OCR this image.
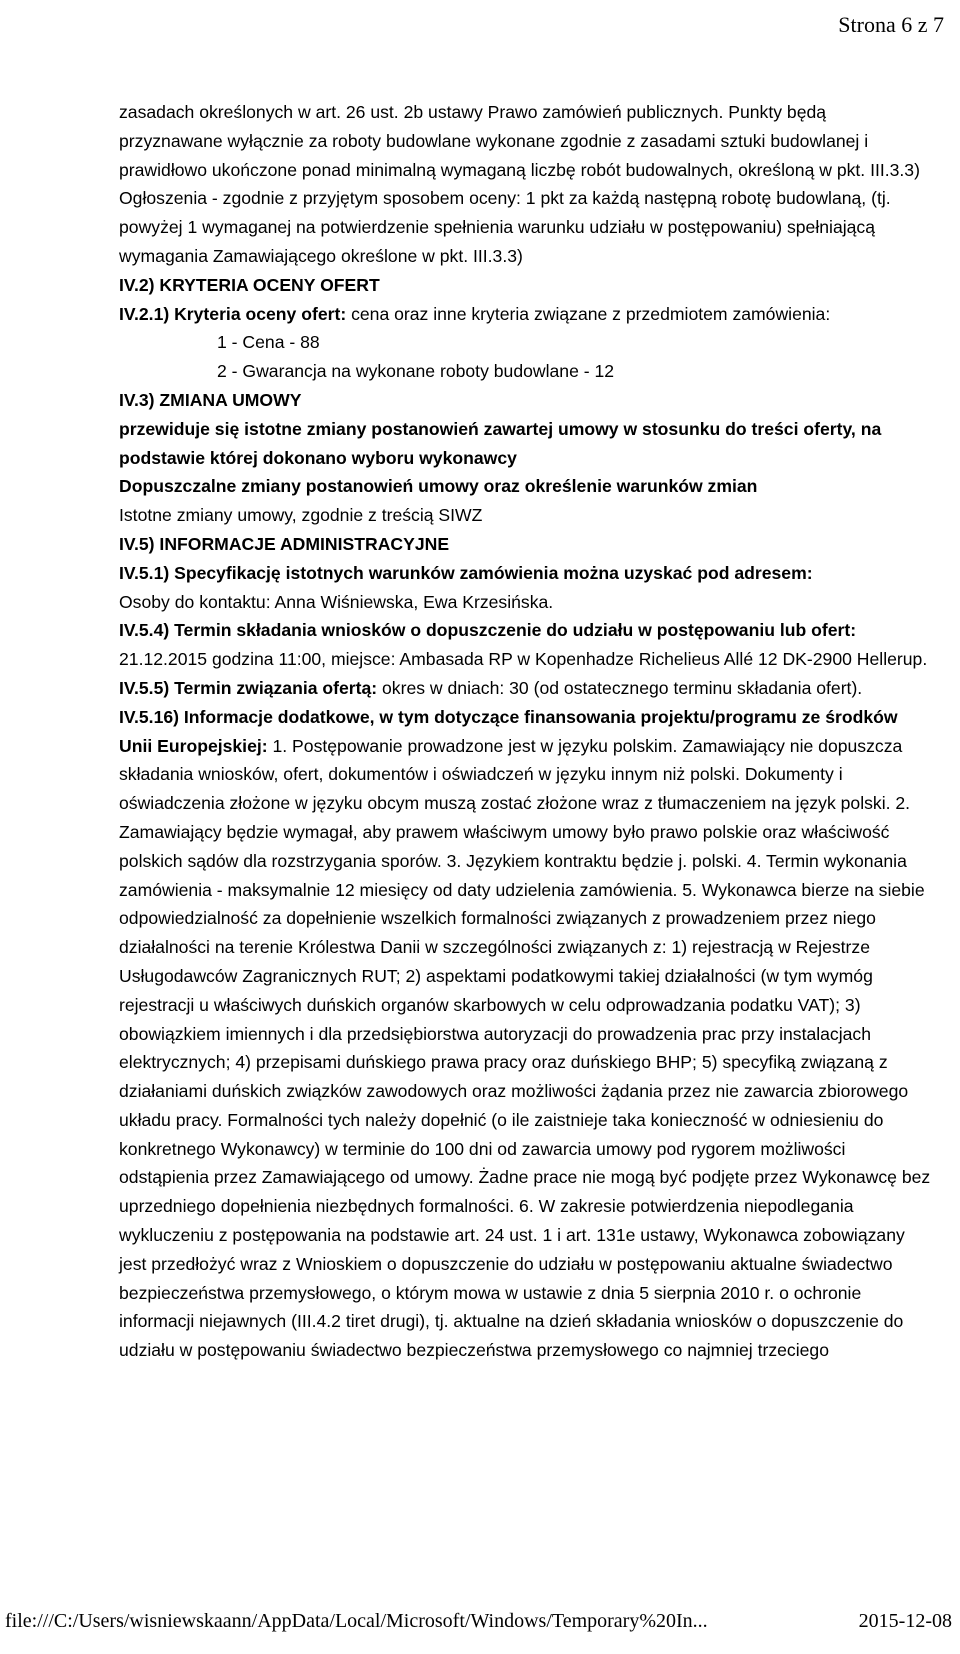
Strona 6 z 7

zasadach określonych w art. 26 ust. 2b ustawy Prawo zamówień publicznych. Punkty będą przyznawane wyłącznie za roboty budowlane wykonane zgodnie z zasadami sztuki budowlanej i prawidłowo ukończone ponad minimalną wymaganą liczbę robót budowalnych, określoną w pkt. III.3.3) Ogłoszenia - zgodnie z przyjętym sposobem oceny: 1 pkt za każdą następną robotę budowlaną, (tj. powyżej 1 wymaganej na potwierdzenie spełnienia warunku udziału w postępowaniu) spełniającą wymagania Zamawiającego określone w pkt. III.3.3)

IV.2) KRYTERIA OCENY OFERT

IV.2.1) Kryteria oceny ofert: cena oraz inne kryteria związane z przedmiotem zamówienia:

1 - Cena - 88

2 - Gwarancja na wykonane roboty budowlane - 12

IV.3) ZMIANA UMOWY

przewiduje się istotne zmiany postanowień zawartej umowy w stosunku do treści oferty, na podstawie której dokonano wyboru wykonawcy

Dopuszczalne zmiany postanowień umowy oraz określenie warunków zmian

Istotne zmiany umowy, zgodnie z treścią SIWZ

IV.5) INFORMACJE ADMINISTRACYJNE

IV.5.1) Specyfikację istotnych warunków zamówienia można uzyskać pod adresem:

Osoby do kontaktu: Anna Wiśniewska, Ewa Krzesińska.

IV.5.4) Termin składania wniosków o dopuszczenie do udziału w postępowaniu lub ofert: 21.12.2015 godzina 11:00, miejsce: Ambasada RP w Kopenhadze Richelieus Allé 12 DK-2900 Hellerup.

IV.5.5) Termin związania ofertą: okres w dniach: 30 (od ostatecznego terminu składania ofert).

IV.5.16) Informacje dodatkowe, w tym dotyczące finansowania projektu/programu ze środków Unii Europejskiej: 1. Postępowanie prowadzone jest w języku polskim. Zamawiający nie dopuszcza składania wniosków, ofert, dokumentów i oświadczeń w języku innym niż polski. Dokumenty i oświadczenia złożone w języku obcym muszą zostać złożone wraz z tłumaczeniem na język polski. 2. Zamawiający będzie wymagał, aby prawem właściwym umowy było prawo polskie oraz właściwość polskich sądów dla rozstrzygania sporów. 3. Językiem kontraktu będzie j. polski. 4. Termin wykonania zamówienia - maksymalnie 12 miesięcy od daty udzielenia zamówienia. 5. Wykonawca bierze na siebie odpowiedzialność za dopełnienie wszelkich formalności związanych z prowadzeniem przez niego działalności na terenie Królestwa Danii w szczególności związanych z: 1) rejestracją w Rejestrze Usługodawców Zagranicznych RUT; 2) aspektami podatkowymi takiej działalności (w tym wymóg rejestracji u właściwych duńskich organów skarbowych w celu odprowadzania podatku VAT); 3) obowiązkiem imiennych i dla przedsiębiorstwa autoryzacji do prowadzenia prac przy instalacjach elektrycznych; 4) przepisami duńskiego prawa pracy oraz duńskiego BHP; 5) specyfiką związaną z działaniami duńskich związków zawodowych oraz możliwości żądania przez nie zawarcia zbiorowego układu pracy. Formalności tych należy dopełnić (o ile zaistnieje taka konieczność w odniesieniu do konkretnego Wykonawcy) w terminie do 100 dni od zawarcia umowy pod rygorem możliwości odstąpienia przez Zamawiającego od umowy. Żadne prace nie mogą być podjęte przez Wykonawcę bez uprzedniego dopełnienia niezbędnych formalności. 6. W zakresie potwierdzenia niepodlegania wykluczeniu z postępowania na podstawie art. 24 ust. 1 i art. 131e ustawy, Wykonawca zobowiązany jest przedłożyć wraz z Wnioskiem o dopuszczenie do udziału w postępowaniu aktualne świadectwo bezpieczeństwa przemysłowego, o którym mowa w ustawie z dnia 5 sierpnia 2010 r. o ochronie informacji niejawnych (III.4.2 tiret drugi), tj. aktualne na dzień składania wniosków o dopuszczenie do udziału w postępowaniu świadectwo bezpieczeństwa przemysłowego co najmniej trzeciego

file:///C:/Users/wisniewskaann/AppData/Local/Microsoft/Windows/Temporary%20In...	2015-12-08
